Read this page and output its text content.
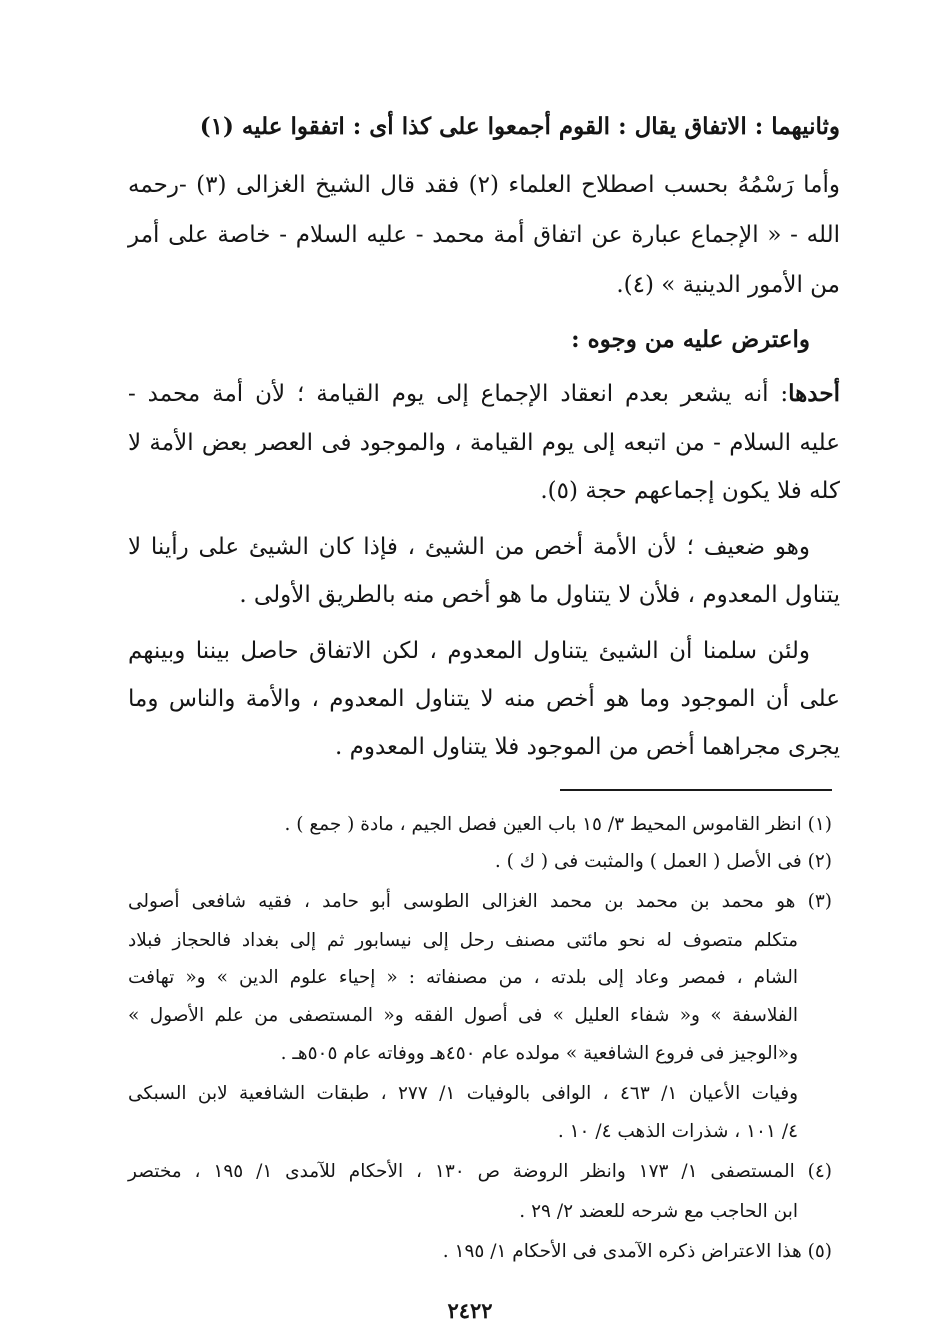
وثانيهما : الاتفاق يقال : القوم أجمعوا على كذا أى : اتفقوا عليه (١)
وأما رَسْمُهُ بحسب اصطلاح العلماء (٢) فقد قال الشيخ الغزالى (٣) -رحمه
الله - « الإجماع عبارة عن اتفاق أمة محمد - عليه السلام - خاصة على أمر
من الأمور الدينية » (٤).
واعترض عليه من وجوه :
أحدها: أنه يشعر بعدم انعقاد الإجماع إلى يوم القيامة ؛ لأن أمة محمد -
عليه السلام - من اتبعه إلى يوم القيامة ، والموجود فى العصر بعض الأمة لا
كله فلا يكون إجماعهم حجة (٥).
وهو ضعيف ؛ لأن الأمة أخص من الشيئ ، فإذا كان الشيئ على رأينا لا
يتناول المعدوم ، فلأن لا يتناول ما هو أخص منه بالطريق الأولى .
ولئن سلمنا أن الشيئ يتناول المعدوم ، لكن الاتفاق حاصل بيننا وبينهم
على أن الموجود وما هو أخص منه لا يتناول المعدوم ، والأمة والناس وما
يجرى مجراهما أخص من الموجود فلا يتناول المعدوم .
(١) انظر القاموس المحيط ٣/ ١٥ باب العين فصل الجيم ، مادة ( جمع ) .
(٢) فى الأصل ( العمل ) والمثبت فى ( ك ) .
(٣) هو محمد بن محمد بن محمد الغزالى الطوسى أبو حامد ، فقيه شافعى أصولى
متكلم متصوف له نحو مائتى مصنف رحل إلى نيسابور ثم إلى بغداد فالحجاز فبلاد
الشام ، فمصر وعاد إلى بلدته ، من مصنفاته : « إحياء علوم الدين » و« تهافت
الفلاسفة » و« شفاء العليل » فى أصول الفقه و« المستصفى من علم الأصول »
و«الوجيز فى فروع الشافعية » مولده عام ٤٥٠هـ ووفاته عام ٥٠٥هـ .
وفيات الأعيان ١/ ٤٦٣ ، الوافى بالوفيات ١/ ٢٧٧ ، طبقات الشافعية لابن السبكى
٤/ ١٠١ ، شذرات الذهب ٤/ ١٠ .
(٤) المستصفى ١/ ١٧٣ وانظر الروضة ص ١٣٠ ، الأحكام للآمدى ١/ ١٩٥ ، مختصر
ابن الحاجب مع شرحه للعضد ٢/ ٢٩ .
(٥) هذا الاعتراض ذكره الآمدى فى الأحكام ١/ ١٩٥ .
٢٤٢٢
